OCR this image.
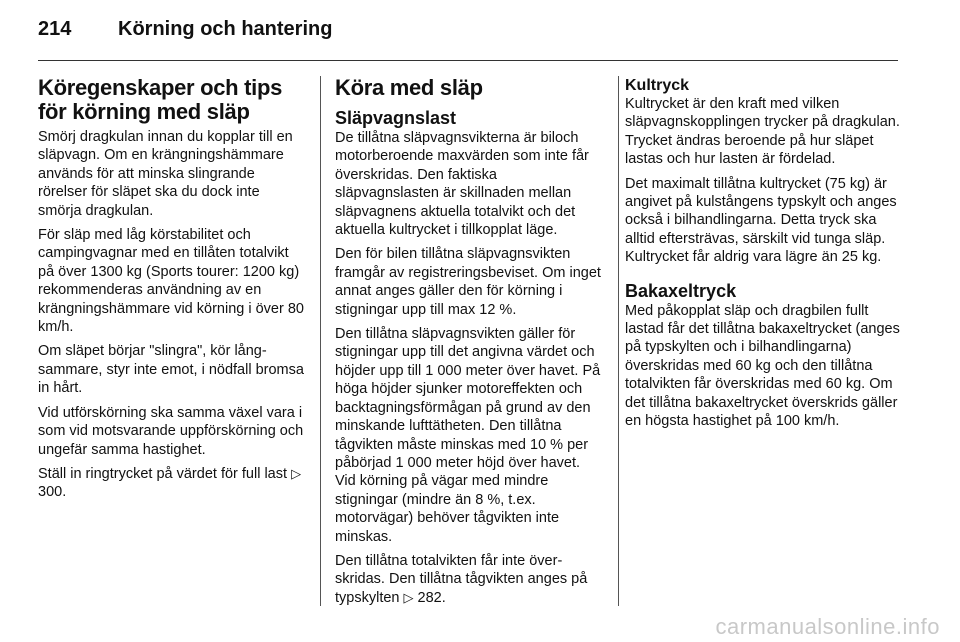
214 Körning och hantering
Köregenskaper och tips för körning med släp

Smörj dragkulan innan du kopplar till en släpvagn. Om en krängningshämmare används för att minska slingrande rörelser för släpet ska du dock inte smörja dragkulan.

För släp med låg körstabilitet och campingvagnar med en tillåten totalvikt på över 1300 kg (Sports tourer: 1200 kg) rekommenderas användning av en krängningshämmare vid körning i över 80 km/h.

Om släpet börjar "slingra", kör långsammare, styr inte emot, i nödfall bromsa in hårt.

Vid utförskörning ska samma växel vara i som vid motsvarande uppförskörning och ungefär samma hastighet.

Ställ in ringtrycket på värdet för full last ▷ 300.

Köra med släp
Släpvagnslast

De tillåtna släpvagnsvikterna är biloch motorberoende maxvärden som inte får överskridas. Den faktiska släpvagnslasten är skillnaden mellan släpvagnens aktuella totalvikt och det aktuella kultrycket i tillkopplat läge.

Den för bilen tillåtna släpvagnsvikten framgår av registreringsbeviset. Om inget annat anges gäller den för körning i stigningar upp till max 12 %.

Den tillåtna släpvagnsvikten gäller för stigningar upp till det angivna värdet och höjder upp till 1 000 meter över havet. På höga höjder sjunker motoreffekten och backtagningsförmågan på grund av den minskande lufttätheten. Den tillåtna tågvikten måste minskas med 10 % per påbörjad 1 000 meter höjd över havet. Vid körning på vägar med mindre stigningar (mindre än 8 %, t.ex. motorvägar) behöver tågvikten inte minskas.

Den tillåtna totalvikten får inte överskridas. Den tillåtna tågvikten anges på typskylten ▷ 282.

Kultryck

Kultrycket är den kraft med vilken släpvagnskopplingen trycker på dragkulan. Trycket ändras beroende på hur släpet lastas och hur lasten är fördelad.

Det maximalt tillåtna kultrycket (75 kg) är angivet på kulstångens typskylt och anges också i bilhandlingarna. Detta tryck ska alltid eftersträvas, särskilt vid tunga släp. Kultrycket får aldrig vara lägre än 25 kg.

Bakaxeltryck

Med påkopplat släp och dragbilen fullt lastad får det tillåtna bakaxeltrycket (anges på typskylten och i bilhandlingarna) överskridas med 60 kg och den tillåtna totalvikten får överskridas med 60 kg. Om det tillåtna bakaxeltrycket överskrids gäller en högsta hastighet på 100 km/h.

carmanualsonline.info
